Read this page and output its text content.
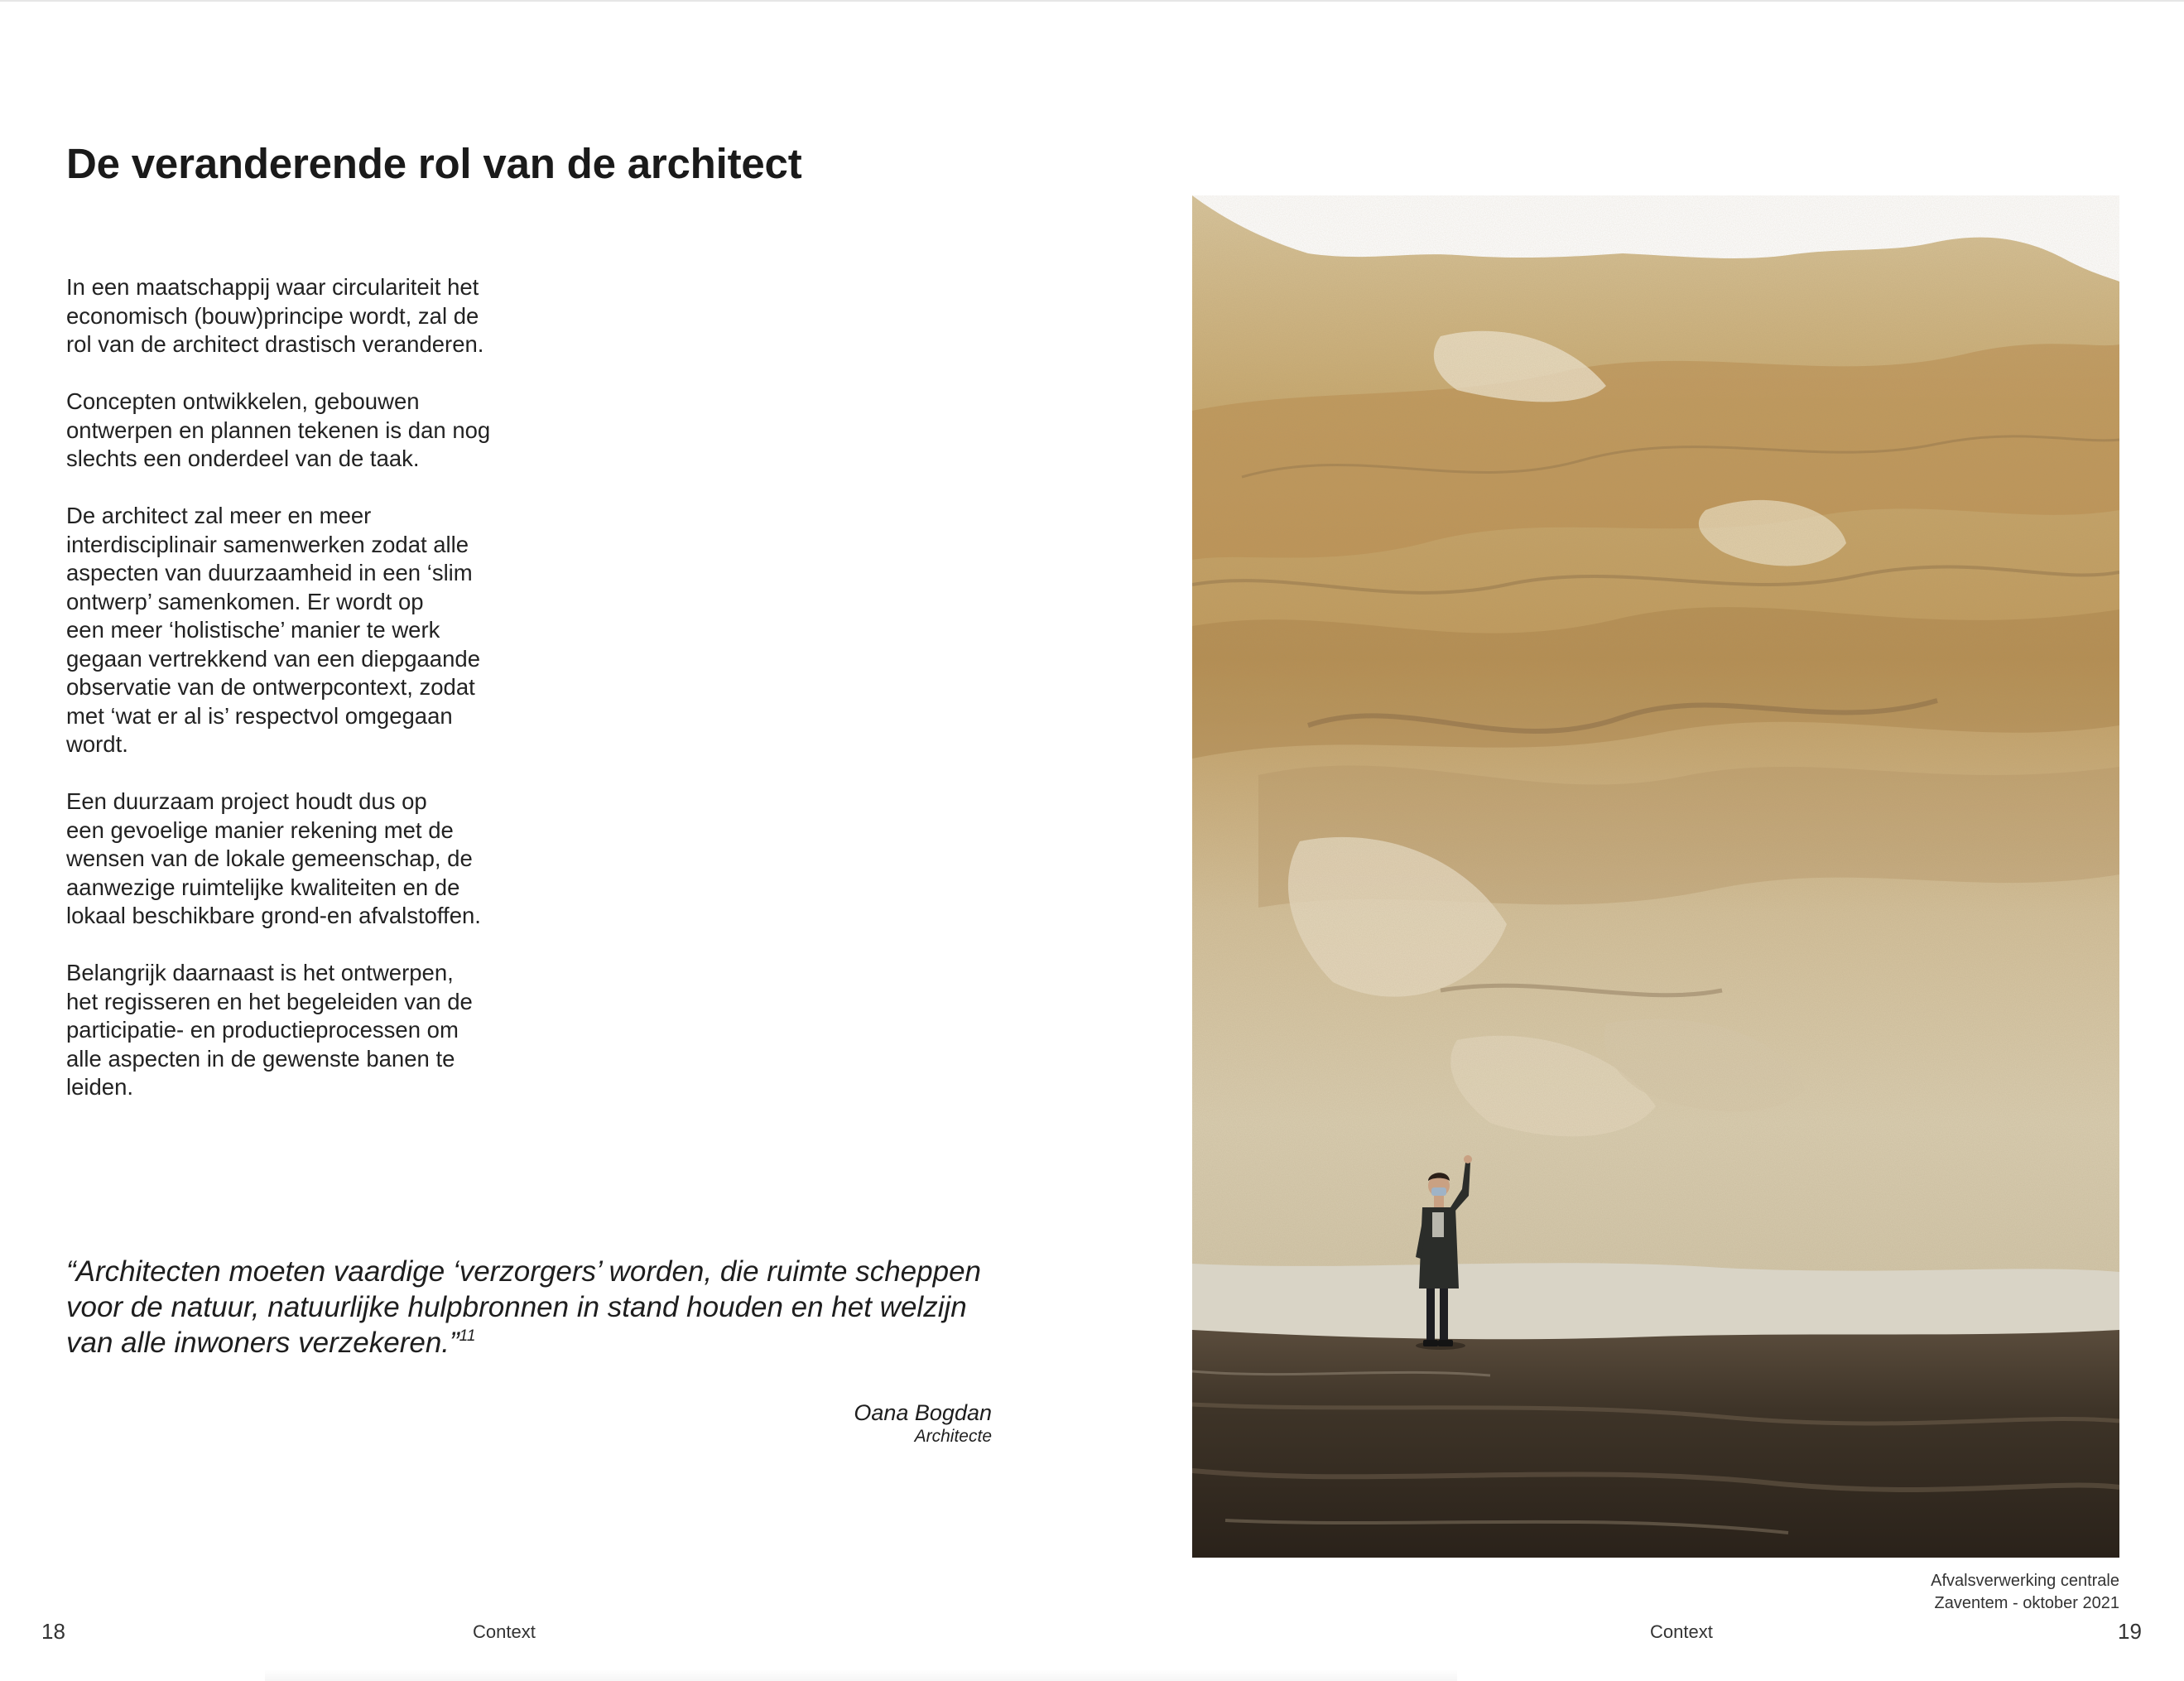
De veranderende rol van de architect

In een maatschappij waar circulariteit het
economisch (bouw)principe wordt, zal de
rol van de architect drastisch veranderen.

Concepten ontwikkelen, gebouwen
ontwerpen en plannen tekenen is dan nog
slechts een onderdeel van de taak.

De architect zal meer en meer
interdisciplinair samenwerken zodat alle
aspecten van duurzaamheid in een ‘slim
ontwerp’ samenkomen. Er wordt op
een meer ‘holistische’ manier te werk
gegaan vertrekkend van een diepgaande
observatie van de ontwerpcontext, zodat
met ‘wat er al is’ respectvol omgegaan
wordt.

Een duurzaam project houdt dus op
een gevoelige manier rekening met de
wensen van de lokale gemeenschap, de
aanwezige ruimtelijke kwaliteiten en de
lokaal beschikbare grond-en afvalstoffen.

Belangrijk daarnaast is het ontwerpen,
het regisseren en het begeleiden van de
participatie- en productieprocessen om
alle aspecten in de gewenste banen te
leiden.

“Architecten moeten vaardige ‘verzorgers’ worden, die ruimte scheppen
voor de natuur, natuurlijke hulpbronnen in stand houden en het welzijn
van alle inwoners verzekeren.”$^{11}$
Oana Bogdan
Architecte
18	Context
Afvalsverwerking centrale
Zaventem - oktober 2021
Context	19
